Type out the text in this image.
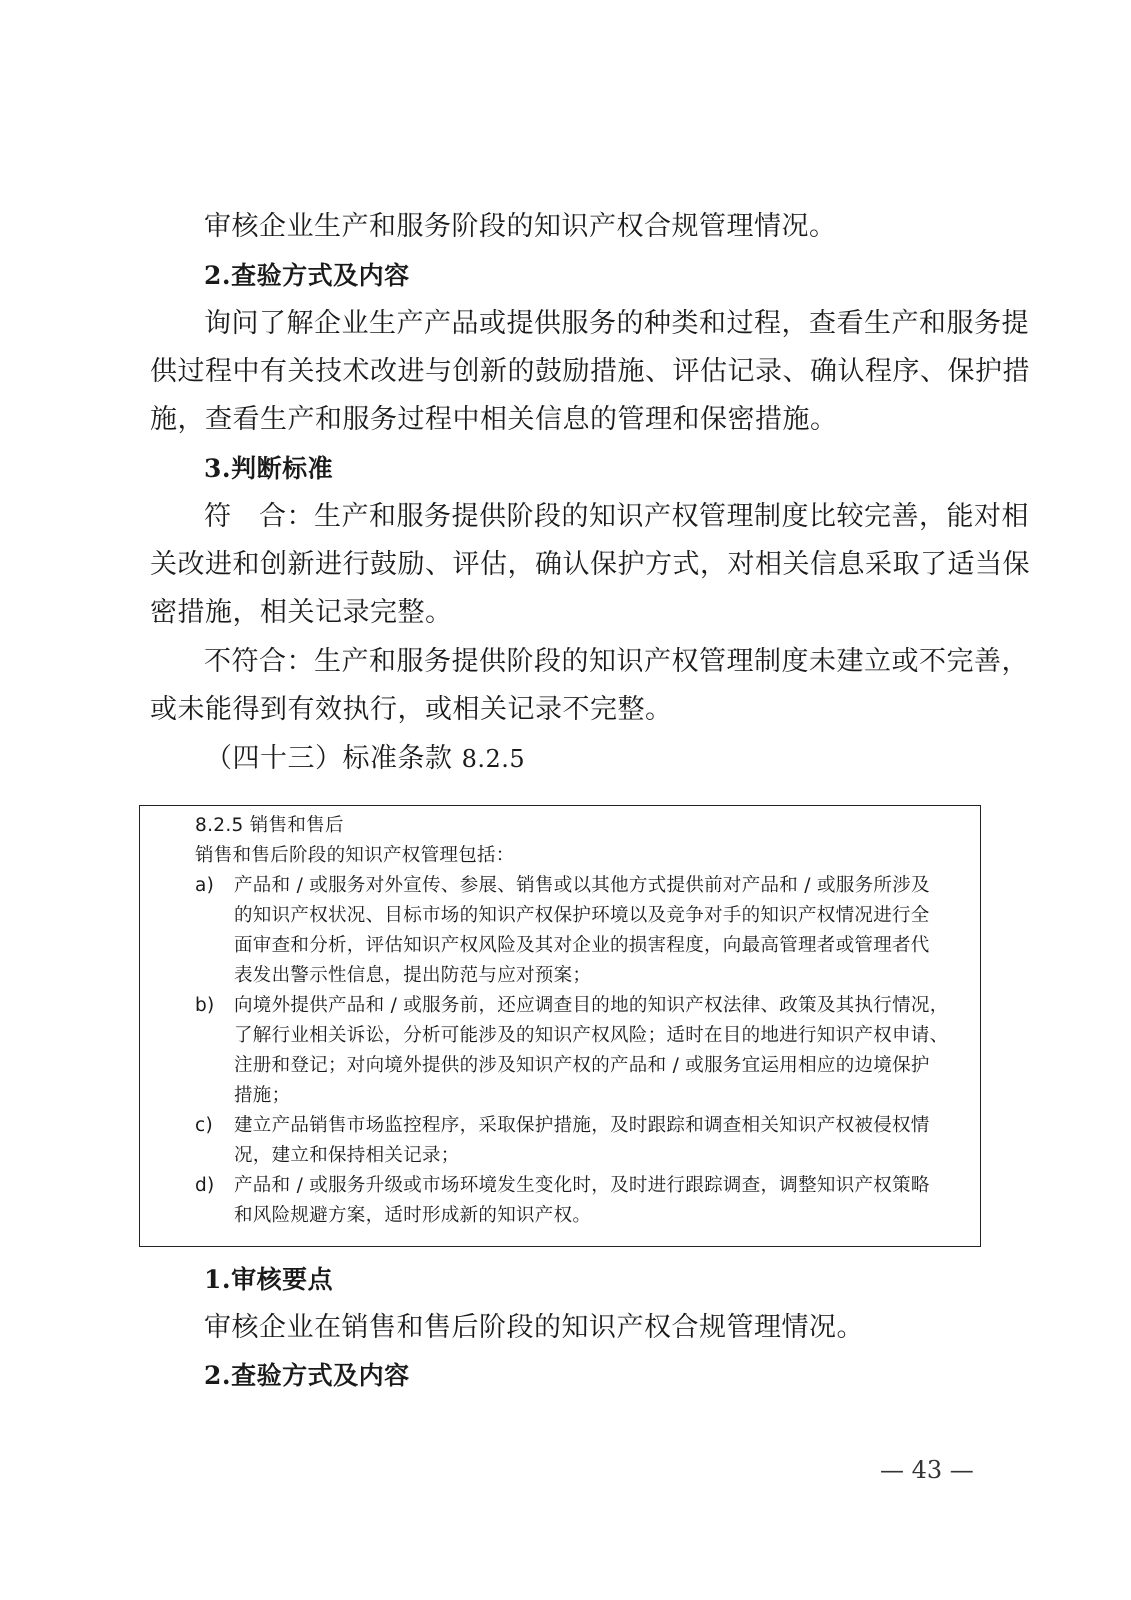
审核企业生产和服务阶段的知识产权合规管理情况。
2.查验方式及内容
询问了解企业生产产品或提供服务的种类和过程，查看生产和服务提
供过程中有关技术改进与创新的鼓励措施、评估记录、确认程序、保护措
施，查看生产和服务过程中相关信息的管理和保密措施。
3.判断标准
符　合：生产和服务提供阶段的知识产权管理制度比较完善，能对相
关改进和创新进行鼓励、评估，确认保护方式，对相关信息采取了适当保
密措施，相关记录完整。
不符合：生产和服务提供阶段的知识产权管理制度未建立或不完善，
或未能得到有效执行，或相关记录不完整。
（四十三）标准条款 8.2.5
8.2.5 销售和售后
销售和售后阶段的知识产权管理包括：
a)	产品和 / 或服务对外宣传、参展、销售或以其他方式提供前对产品和 / 或服务所涉及
的知识产权状况、目标市场的知识产权保护环境以及竞争对手的知识产权情况进行全
面审查和分析，评估知识产权风险及其对企业的损害程度，向最高管理者或管理者代
表发出警示性信息，提出防范与应对预案；
b)	向境外提供产品和 / 或服务前，还应调查目的地的知识产权法律、政策及其执行情况，
了解行业相关诉讼，分析可能涉及的知识产权风险；适时在目的地进行知识产权申请、
注册和登记；对向境外提供的涉及知识产权的产品和 / 或服务宜运用相应的边境保护
措施；
c)	建立产品销售市场监控程序，采取保护措施，及时跟踪和调查相关知识产权被侵权情
况，建立和保持相关记录；
d)	产品和 / 或服务升级或市场环境发生变化时，及时进行跟踪调查，调整知识产权策略
和风险规避方案，适时形成新的知识产权。
1.审核要点
审核企业在销售和售后阶段的知识产权合规管理情况。
2.查验方式及内容
— 43 —
